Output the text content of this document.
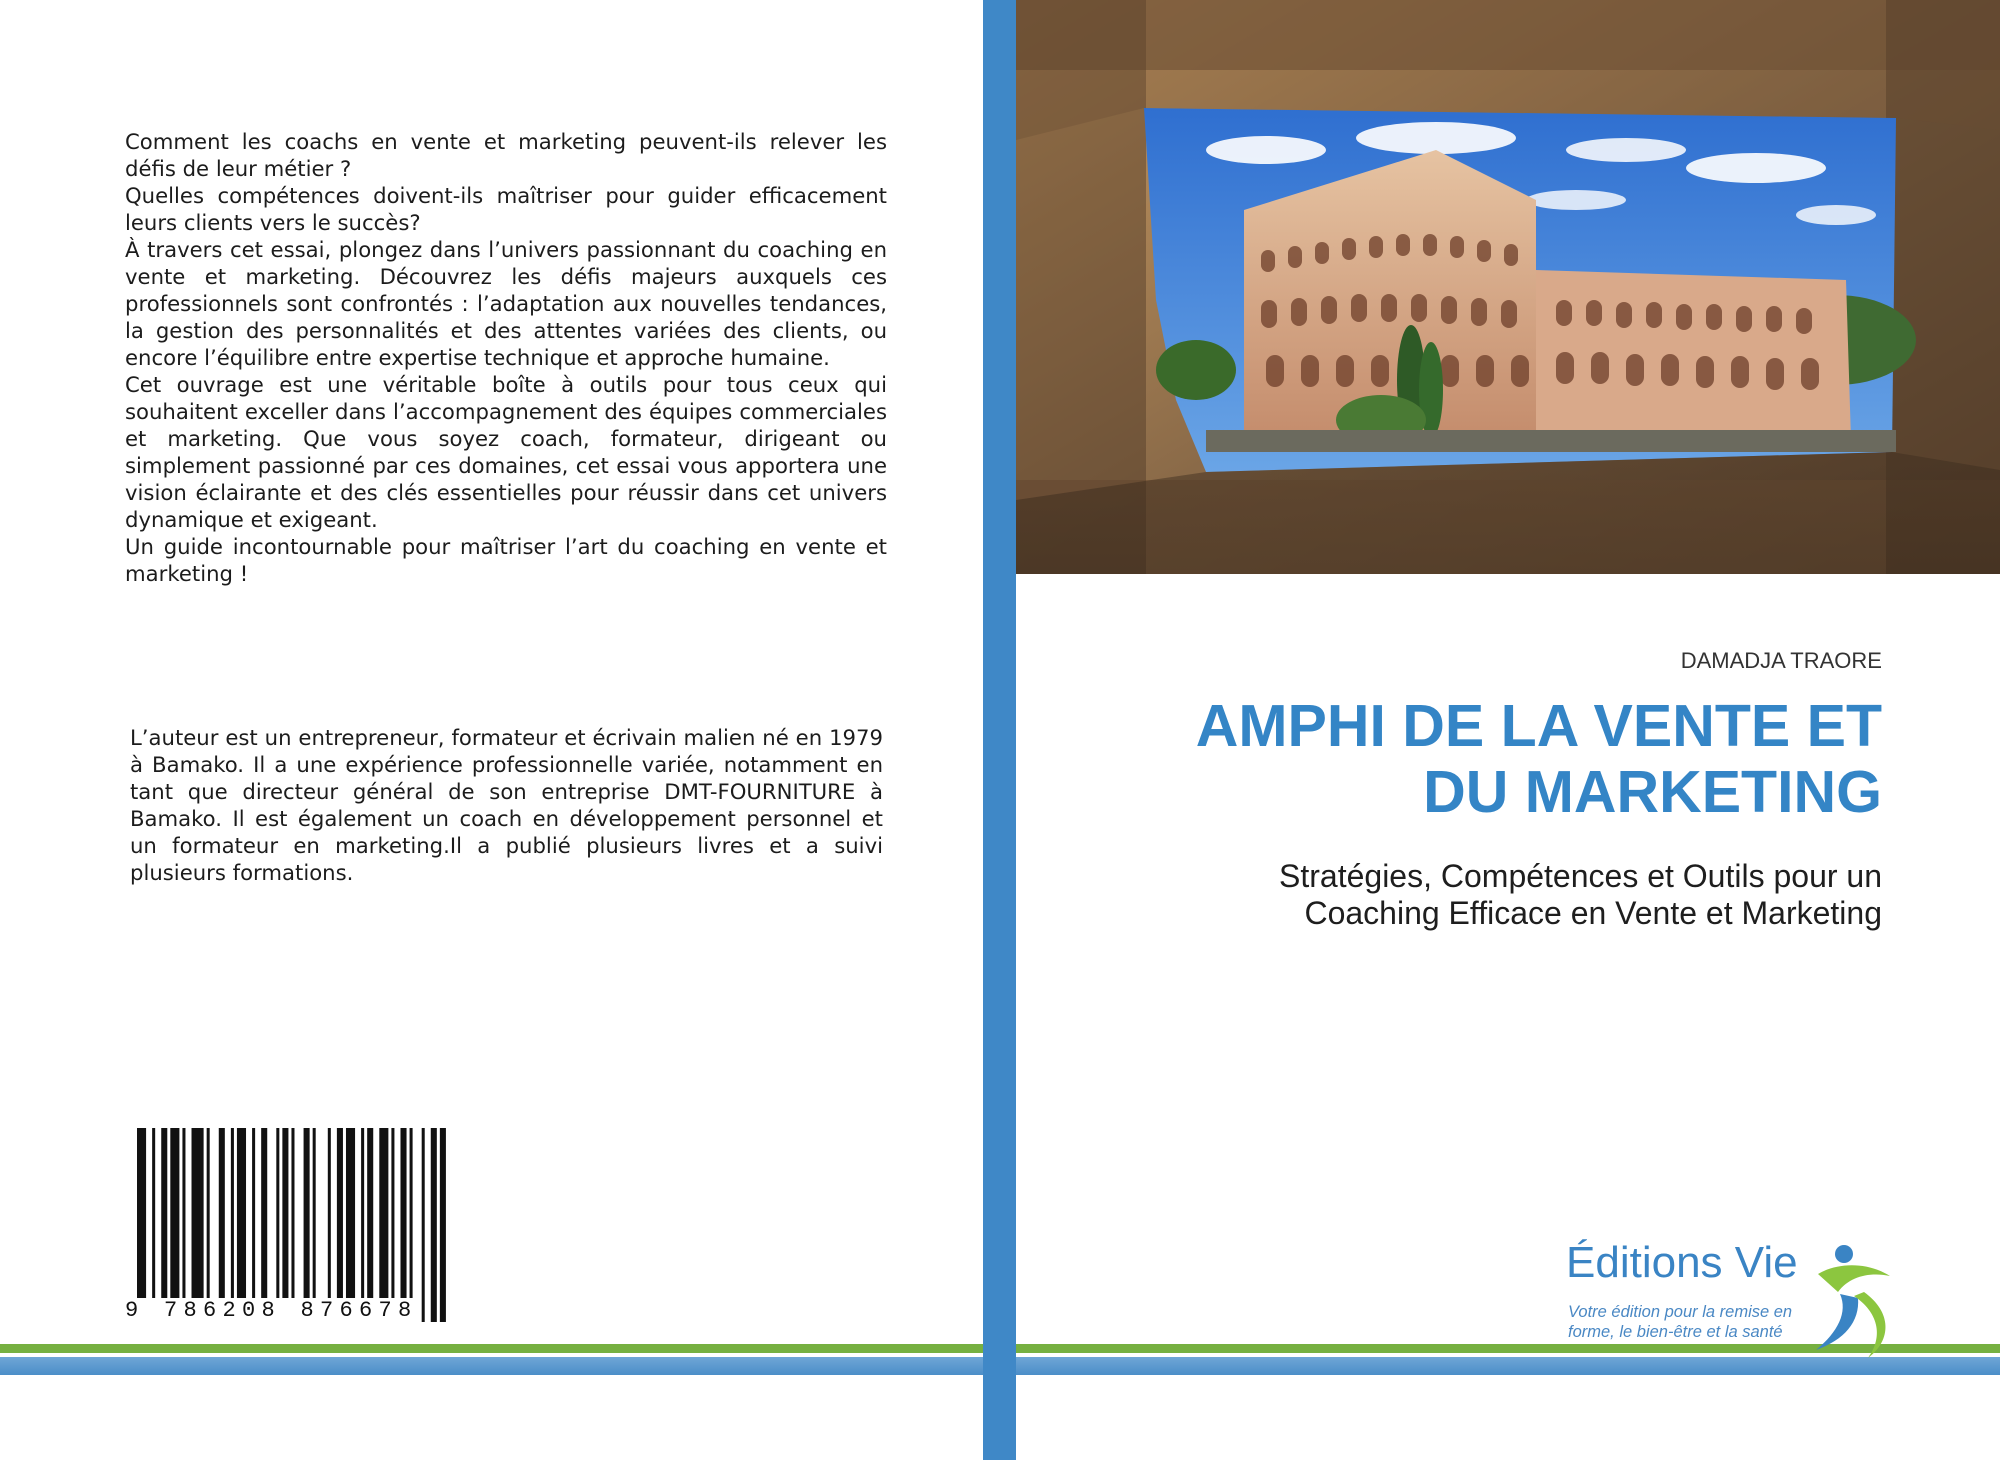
Comment les coachs en vente et marketing peuvent-ils relever les défis de leur métier ?

Quelles compétences doivent-ils maîtriser pour guider efficacement leurs clients vers le succès?

À travers cet essai, plongez dans l’univers passionnant du coaching en vente et marketing. Découvrez les défis majeurs auxquels ces professionnels sont confrontés : l’adaptation aux nouvelles tendances, la gestion des personnalités et des attentes variées des clients, ou encore l’équilibre entre expertise technique et approche humaine.

Cet ouvrage est une véritable boîte à outils pour tous ceux qui souhaitent exceller dans l’accompagnement des équipes commerciales et marketing. Que vous soyez coach, formateur, dirigeant ou simplement passionné par ces domaines, cet essai vous apportera une vision éclairante et des clés essentielles pour réussir dans cet univers dynamique et exigeant.

Un guide incontournable pour maîtriser l’art du coaching en vente et marketing !

L’auteur est un entrepreneur, formateur et écrivain malien né en 1979 à Bamako. Il a une expérience professionnelle variée, notamment en tant que directeur général de son entreprise DMT-FOURNITURE à Bamako. Il est également un coach en développement personnel et un formateur en marketing.Il a publié plusieurs livres et a suivi plusieurs formations.

9 786208 876678
DAMADJA TRAORE
AMPHI DE LA VENTE ET
DU MARKETING
Stratégies, Compétences et Outils pour un
Coaching Efficace en Vente et Marketing
Éditions Vie
Votre édition pour la remise en
forme, le bien-être et la santé
